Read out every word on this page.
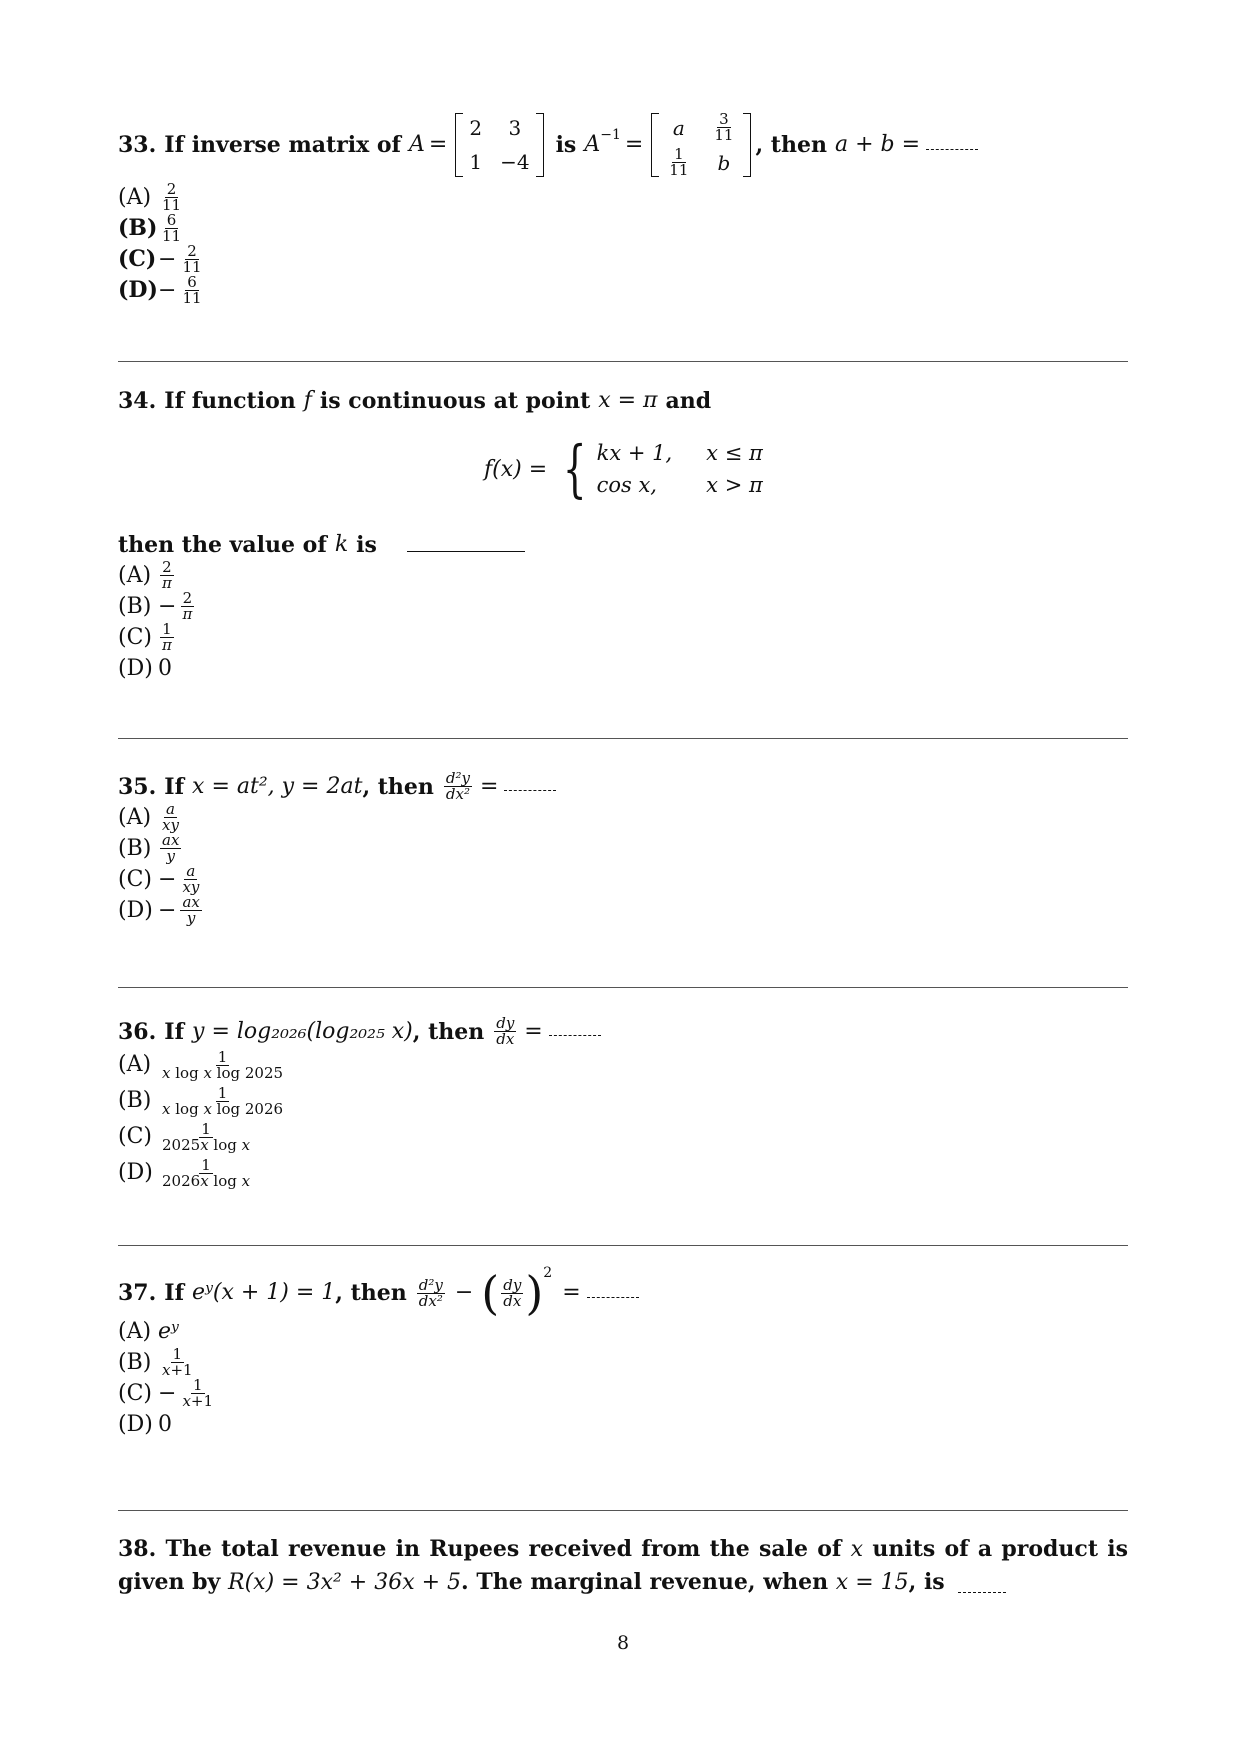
33. If inverse matrix of A =
2	3
1 −4
is A −1 =
a	$\frac{3}{11}$
$\frac{1}{11}$	b
, then a + b =
$(A) \frac{2}{11}$
$(B) \frac{6}{11}$
$(C) - \frac{2}{11}$
$(D) - \frac{6}{11}$
34. If function f is continuous at point x = π and
f(x) = { kx + 1, x ≤ π
cos x,	x > π
then the value of k is
$(A) \frac{2}{\pi}$
$(B) - \frac{2}{\pi}$
$(C) \frac{1}{\pi}$
(D) 0
35. If x = at², y = 2at , then $\frac{\text{d²y}}{\text{dx²}}$ =
$(A) \frac{a}{xy}$
$(B) \frac{ax}{y}$
$(C) - \frac{a}{xy}$
$(D) - \frac{ax}{y}$
36. If y = log₂₀₂₆(log₂₀₂₅ x) , then $\frac{dy}{dx}$ =
$(A) \frac{1}{\text{x log x log 2025}}$
$(B) \frac{1}{\text{x log x log 2026}}$
$(C) \frac{1}{\text{2025x log x}}$
$(D) \frac{1}{\text{2026x log x}}$
37. If eʸ(x + 1) = 1 , then $\frac{\text{d²y}}{\text{dx²}}$ − ( $\frac{dy}{dx}$ ) 2
=
(A) eʸ
$(B) \frac{1}{x+1}$
$(C) - \frac{1}{x+1}$
(D) 0
38. The total revenue in Rupees received from the sale of x units of a product is given by R(x) = 3x² + 36x + 5. The marginal revenue, when x = 15, is
8
